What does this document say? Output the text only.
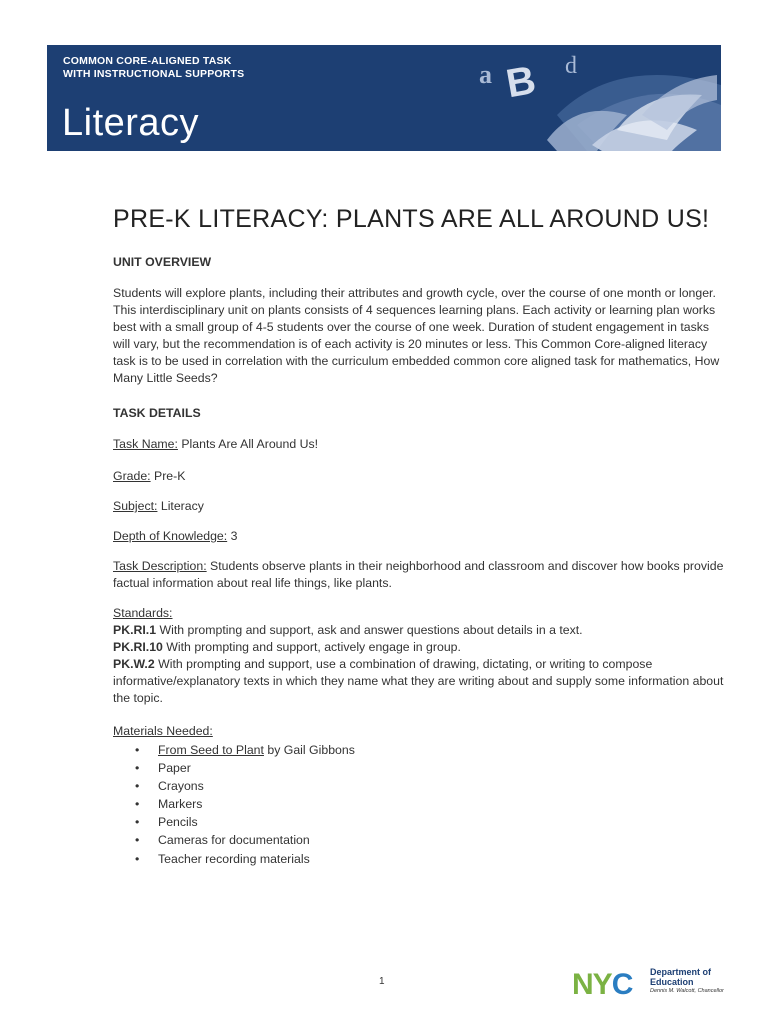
COMMON CORE-ALIGNED TASK
WITH INSTRUCTIONAL SUPPORTS
Literacy
a B d
PRE-K LITERACY: PLANTS ARE ALL AROUND US!
UNIT OVERVIEW
Students will explore plants, including their attributes and growth cycle, over the course of one month or longer. This interdisciplinary unit on plants consists of 4 sequences learning plans. Each activity or learning plan works best with a small group of 4-5 students over the course of one week. Duration of student engagement in tasks will vary, but the recommendation is of each activity is 20 minutes or less. This Common Core-aligned literacy task is to be used in correlation with the curriculum embedded common core aligned task for mathematics, How Many Little Seeds?
TASK DETAILS
Task Name: Plants Are All Around Us!
Grade: Pre-K
Subject: Literacy
Depth of Knowledge: 3
Task Description: Students observe plants in their neighborhood and classroom and discover how books provide factual information about real life things, like plants.
Standards:
PK.RI.1 With prompting and support, ask and answer questions about details in a text.
PK.RI.10 With prompting and support, actively engage in group.
PK.W.2 With prompting and support, use a combination of drawing, dictating, or writing to compose informative/explanatory texts in which they name what they are writing about and supply some information about the topic.
Materials Needed:
• From Seed to Plant by Gail Gibbons
• Paper
• Crayons
• Markers
• Pencils
• Cameras for documentation
• Teacher recording materials
1	NYC Department of
Education
Dennis M. Walcott, Chancellor
